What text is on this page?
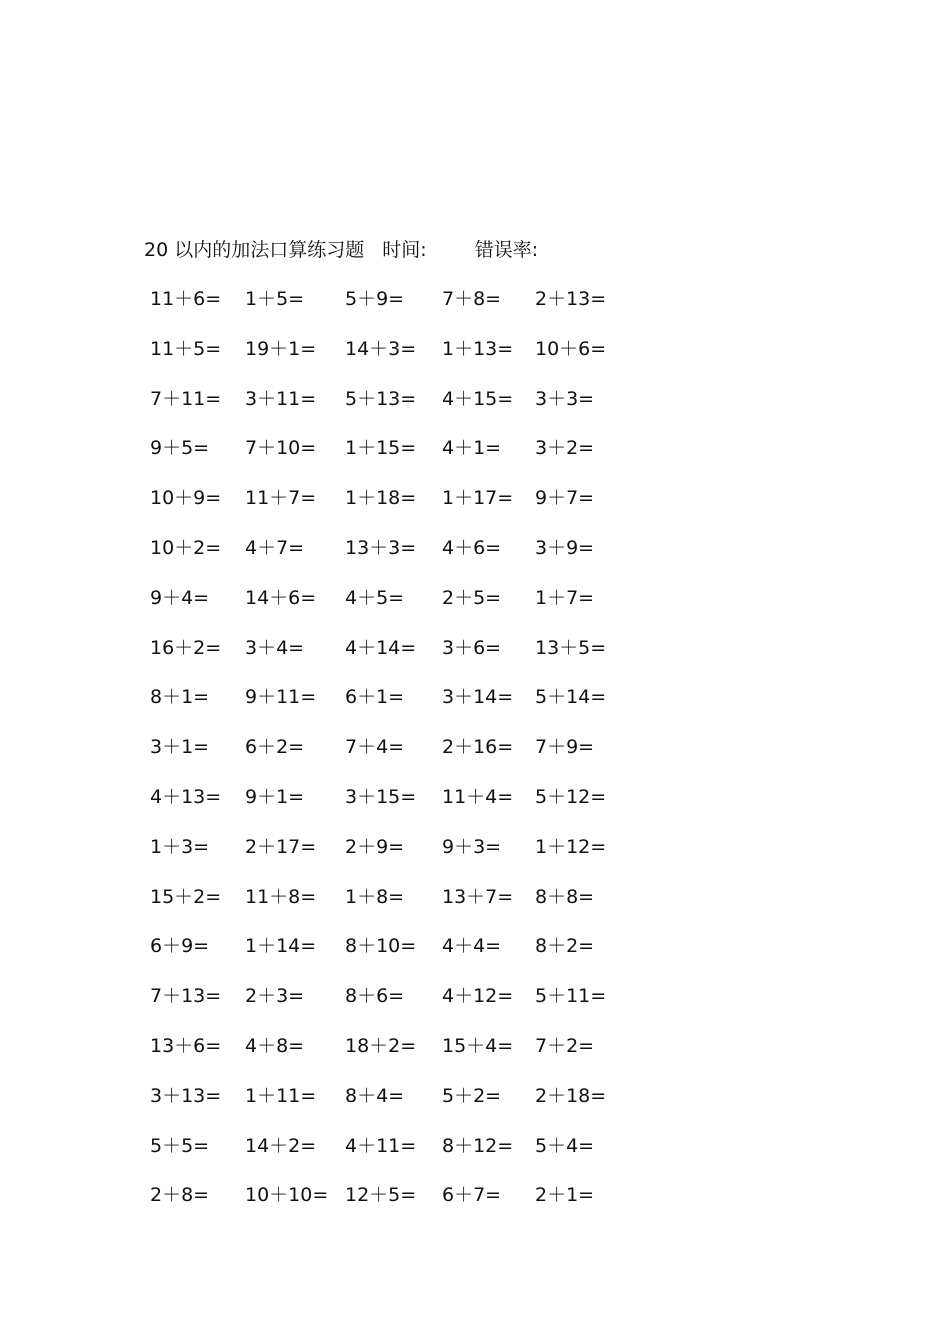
20 以内的加法口算练习题 时间:	错误率:
11＋6= 1＋5= 5＋9= 7＋8= 2＋13=
11＋5= 19＋1= 14＋3= 1＋13= 10＋6=
7＋11= 3＋11= 5＋13= 4＋15= 3＋3=
9＋5= 7＋10= 1＋15= 4＋1= 3＋2=
10＋9= 11＋7= 1＋18= 1＋17= 9＋7=
10＋2= 4＋7= 13＋3= 4＋6= 3＋9=
9＋4= 14＋6= 4＋5= 2＋5= 1＋7=
16＋2= 3＋4= 4＋14= 3＋6= 13＋5=
8＋1= 9＋11= 6＋1= 3＋14= 5＋14=
3＋1= 6＋2= 7＋4= 2＋16= 7＋9=
4＋13= 9＋1= 3＋15= 11＋4= 5＋12=
1＋3= 2＋17= 2＋9= 9＋3= 1＋12=
15＋2= 11＋8= 1＋8= 13＋7= 8＋8=
6＋9= 1＋14= 8＋10= 4＋4= 8＋2=
7＋13= 2＋3= 8＋6= 4＋12= 5＋11=
13＋6= 4＋8= 18＋2= 15＋4= 7＋2=
3＋13= 1＋11= 8＋4= 5＋2= 2＋18=
5＋5= 14＋2= 4＋11= 8＋12= 5＋4=
2＋8= 10＋10= 12＋5= 6＋7= 2＋1=
